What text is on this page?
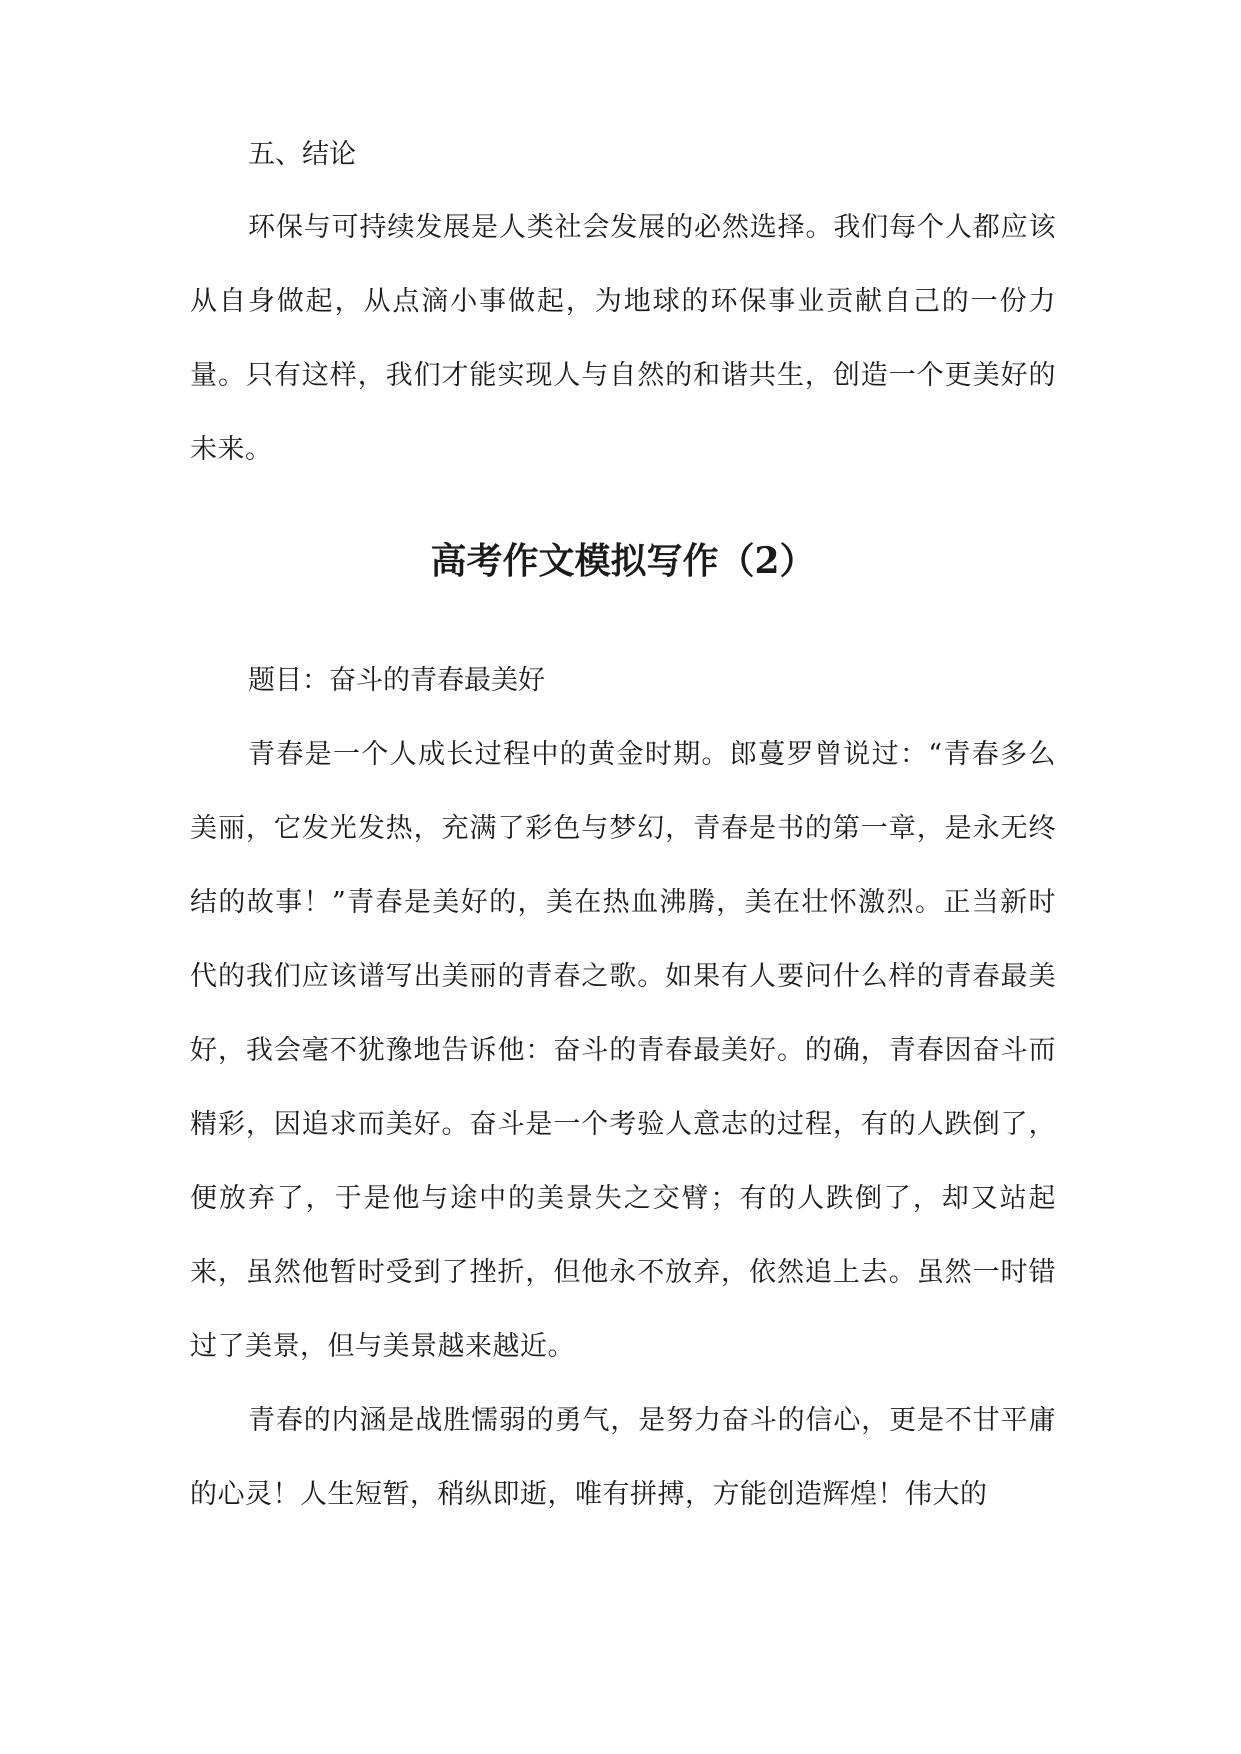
五、结论

环保与可持续发展是人类社会发展的必然选择。我们每个人都应该从自身做起，从点滴小事做起，为地球的环保事业贡献自己的一份力量。只有这样，我们才能实现人与自然的和谐共生，创造一个更美好的未来。

高考作文模拟写作（2）

题目：奋斗的青春最美好

青春是一个人成长过程中的黄金时期。郎蔓罗曾说过：“青春多么美丽，它发光发热，充满了彩色与梦幻，青春是书的第一章，是永无终结的故事！”青春是美好的，美在热血沸腾，美在壮怀激烈。正当新时代的我们应该谱写出美丽的青春之歌。如果有人要问什么样的青春最美好，我会毫不犹豫地告诉他：奋斗的青春最美好。的确，青春因奋斗而精彩，因追求而美好。奋斗是一个考验人意志的过程，有的人跌倒了，便放弃了，于是他与途中的美景失之交臂；有的人跌倒了，却又站起来，虽然他暂时受到了挫折，但他永不放弃，依然追上去。虽然一时错过了美景，但与美景越来越近。

青春的内涵是战胜懦弱的勇气，是努力奋斗的信心，更是不甘平庸的心灵！人生短暂，稍纵即逝，唯有拼搏，方能创造辉煌！伟大的
